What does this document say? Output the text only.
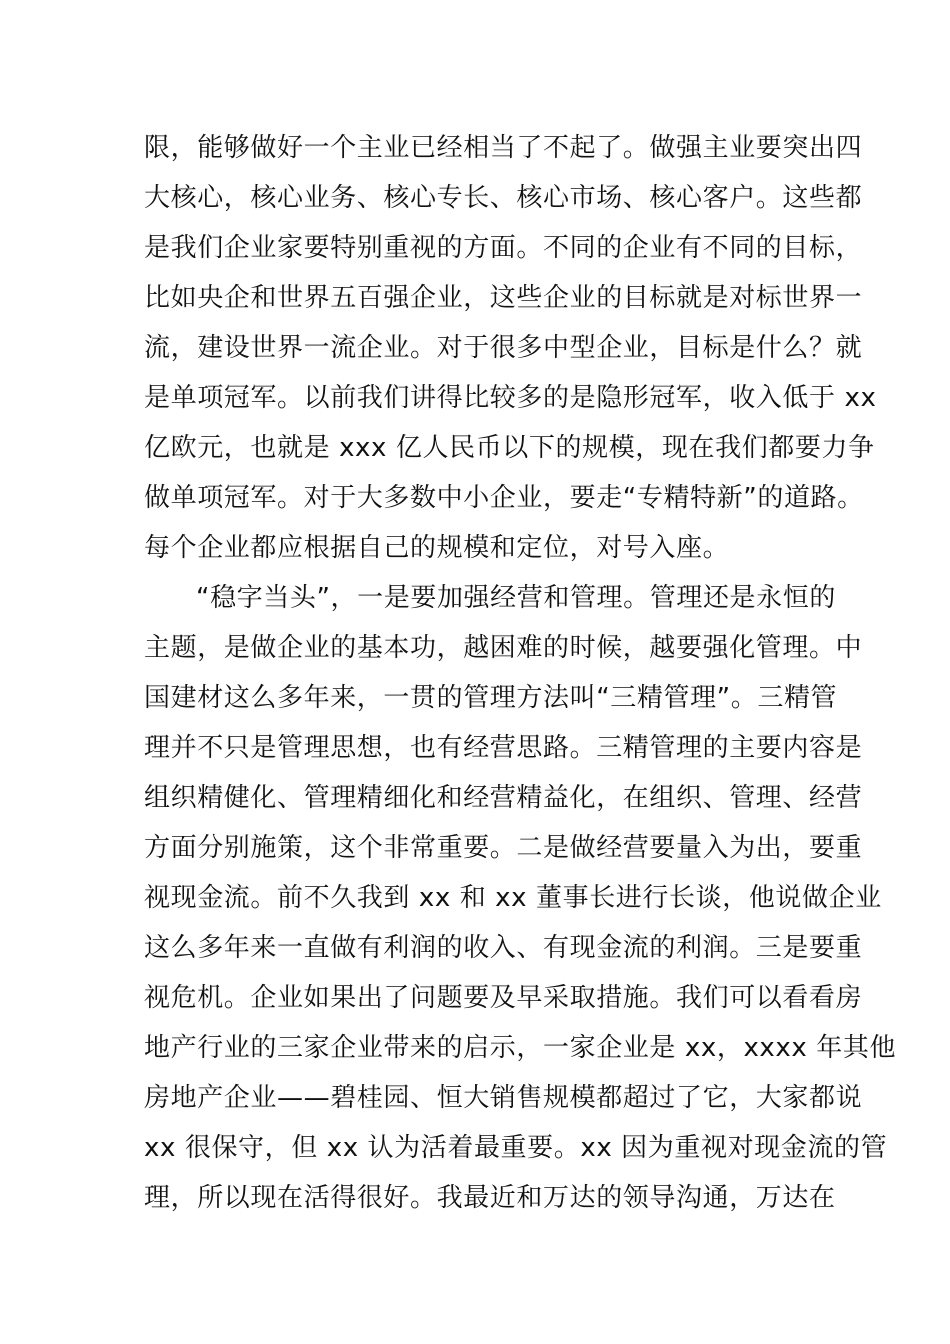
限，能够做好一个主业已经相当了不起了。做强主业要突出四
大核心，核心业务、核心专长、核心市场、核心客户。这些都
是我们企业家要特别重视的方面。不同的企业有不同的目标，
比如央企和世界五百强企业，这些企业的目标就是对标世界一
流，建设世界一流企业。对于很多中型企业，目标是什么？就
是单项冠军。以前我们讲得比较多的是隐形冠军，收入低于 xx
亿欧元，也就是 xxx 亿人民币以下的规模，现在我们都要力争
做单项冠军。对于大多数中小企业，要走“专精特新”的道路。
每个企业都应根据自己的规模和定位，对号入座。
“稳字当头”，一是要加强经营和管理。管理还是永恒的
主题，是做企业的基本功，越困难的时候，越要强化管理。中
国建材这么多年来，一贯的管理方法叫“三精管理”。三精管
理并不只是管理思想，也有经营思路。三精管理的主要内容是
组织精健化、管理精细化和经营精益化，在组织、管理、经营
方面分别施策，这个非常重要。二是做经营要量入为出，要重
视现金流。前不久我到 xx 和 xx 董事长进行长谈，他说做企业
这么多年来一直做有利润的收入、有现金流的利润。三是要重
视危机。企业如果出了问题要及早采取措施。我们可以看看房
地产行业的三家企业带来的启示，一家企业是 xx，xxxx 年其他
房地产企业——碧桂园、恒大销售规模都超过了它，大家都说
xx 很保守，但 xx 认为活着最重要。xx 因为重视对现金流的管
理，所以现在活得很好。我最近和万达的领导沟通，万达在
